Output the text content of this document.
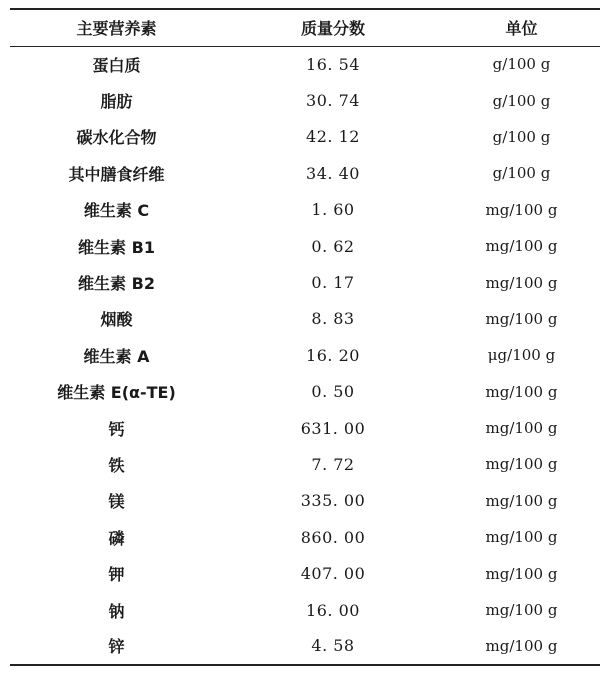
主要营养素	质量分数	单位
蛋白质	16. 54	g/100 g
脂肪	30. 74	g/100 g
碳水化合物	42. 12	g/100 g
其中膳食纤维	34. 40	g/100 g
维生素 C	1. 60	mg/100 g
维生素 B1	0. 62	mg/100 g
维生素 B2	0. 17	mg/100 g
烟酸	8. 83	mg/100 g
维生素 A	16. 20	μg/100 g
维生素 E(α-TE)	0. 50	mg/100 g
钙	631. 00	mg/100 g
铁	7. 72	mg/100 g
镁	335. 00	mg/100 g
磷	860. 00	mg/100 g
钾	407. 00	mg/100 g
钠	16. 00	mg/100 g
锌	4. 58	mg/100 g
